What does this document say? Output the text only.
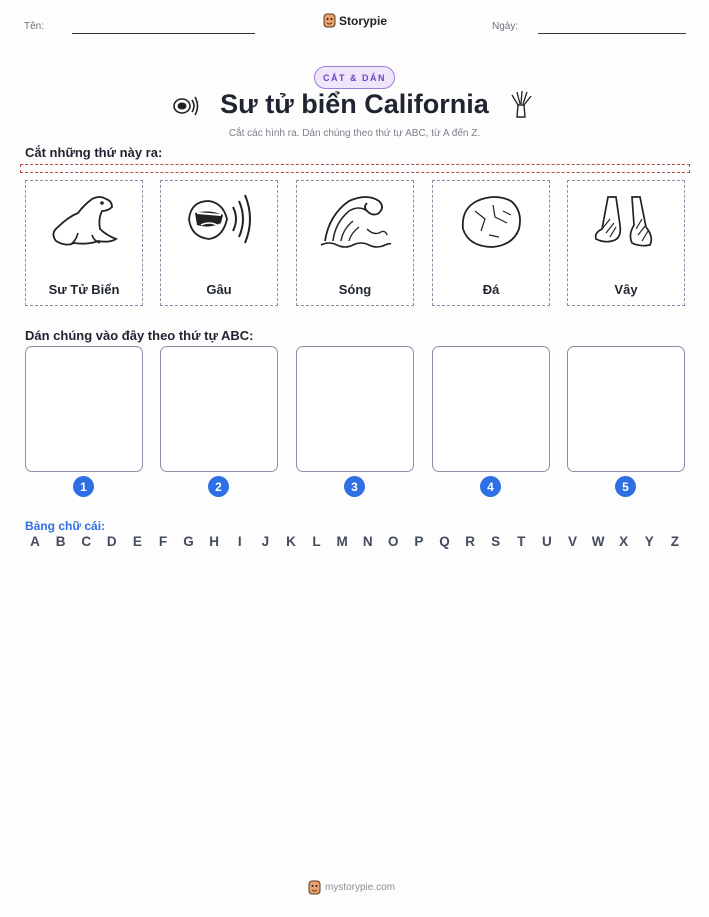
Tên:	Storypie	Ngày:
CẮT & DÁN
Sư tử biển California
Cắt các hình ra. Dán chúng theo thứ tự ABC, từ A đến Z.
Cắt những thứ này ra:
Sư Tử Biển	Gâu	Sóng	Đá	Vây
Dán chúng vào đây theo thứ tự ABC:
1	2	3	4	5
Bảng chữ cái:
A	B	C	D	E	F	G	H	I	J	K	L	M	N	O	P	Q	R	S	T	U	V	W	X	Y	Z
mystorypie.com
